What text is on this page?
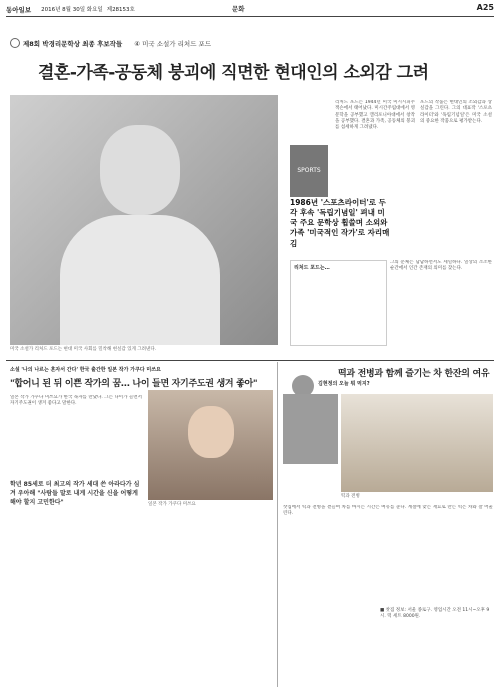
동아일보 2016년 8월 30일 화요일 제28153호	문화	A25
제8회 박경리문학상 최종 후보작들 ④ 미국 소설가 리처드 포드
결혼-가족-공동체 붕괴에 직면한 현대인의 소외감 그려
미국 소설가 리처드 포드는 현대 미국 사회를 밀착해 현실감 있게 그려낸다.
SPORTS
리처드 포드는 1944년 미국 미시시피주 잭슨에서 태어났다. 미시간주립대에서 영문학을 공부했고 캘리포니아대에서 창작을 공부했다. 결혼과 가족, 공동체의 붕괴를 섬세하게 그려냈다.
포드의 작품은 현대인의 소외감과 상실감을 그린다. 그의 대표작 '스포츠라이터'와 '독립기념일'은 미국 소설의 중요한 작품으로 평가받는다.
1986년 '스포츠라이터'로 두각 후속 '독립기념일' 펴내 미국 주요 문학상 휩쓸며 소외와 가족 '미국적인 작가'로 자리매김
리처드 포드는…
그의 문체는 담담하면서도 세밀하다. 일상의 소소한 순간에서 인간 존재의 의미를 찾는다.
소설 '나의 나르는 혼자서 간다' 한국 출간한 일본 작가 가쿠다 미쓰요
"합어니 된 뒤 이쁜 작가의 꿈… 나이 들면 자기주도권 생겨 좋아"
일본 작가 가쿠다 미쓰요
학년 85세로 더 최고의 작가 세대 쓴 아라다가 심겨 우아해 "사람들 말로 내게 시간을 신을 어떻게 해야 할지 고민한다"
일본 작가 가쿠다 미쓰요가 한국 독자를 만났다. 그는 나이가 들면서 자기주도권이 생겨 좋다고 말한다.
떡과 전병과 함께 즐기는 차 한잔의 여유
김현정의 오늘 뭐 먹지?
떡과 전병
찻집에서 떡과 전병을 곁들여 차를 마시는 시간은 여유를 준다. 계절에 맞는 재료로 만든 떡은 차와 잘 어울린다.
■ 찻집 정보: 서울 종로구. 영업시간 오전 11시~오후 9시. 떡 세트 8000원.
